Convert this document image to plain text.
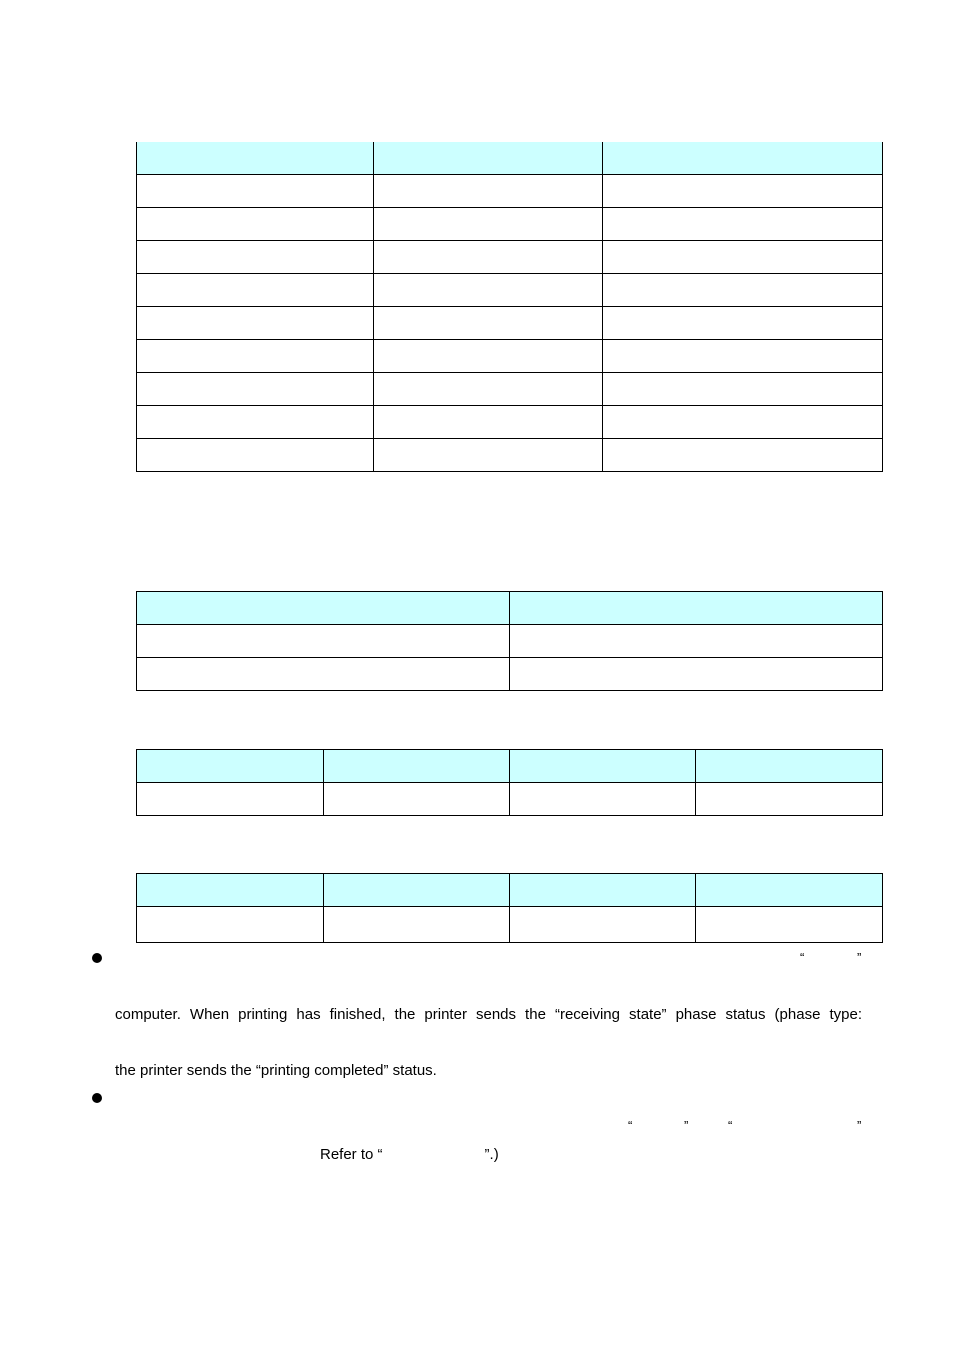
“	”
computer. When printing has finished, the printer sends the “receiving state” phase status (phase type:
the printer sends the “printing completed” status.
“	”	“	”
Refer to “	”.)
